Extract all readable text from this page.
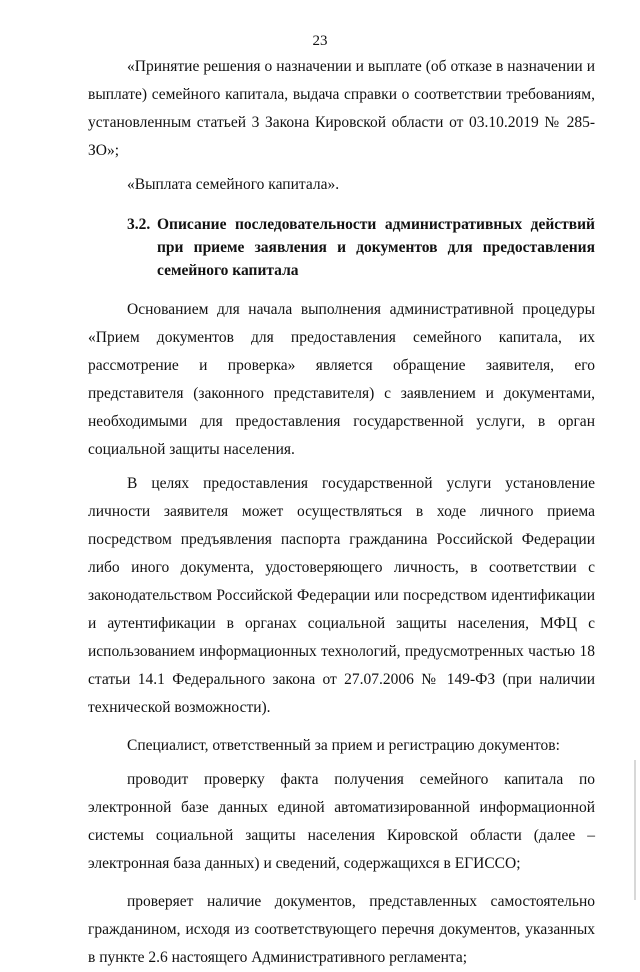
23

«Принятие решения о назначении и выплате (об отказе в назначении и выплате) семейного капитала, выдача справки о соответствии требованиям, установленным статьей 3 Закона Кировской области от 03.10.2019 № 285-ЗО»;

«Выплата семейного капитала».

3.2. Описание последовательности административных действий при приеме заявления и документов для предоставления семейного капитала

Основанием для начала выполнения административной процедуры «Прием документов для предоставления семейного капитала, их рассмотрение и проверка» является обращение заявителя, его представителя (законного представителя) с заявлением и документами, необходимыми для предоставления государственной услуги, в орган социальной защиты населения.

В целях предоставления государственной услуги установление личности заявителя может осуществляться в ходе личного приема посредством предъявления паспорта гражданина Российской Федерации либо иного документа, удостоверяющего личность, в соответствии с законодательством Российской Федерации или посредством идентификации и аутентификации в органах социальной защиты населения, МФЦ с использованием информационных технологий, предусмотренных частью 18 статьи 14.1 Федерального закона от 27.07.2006 № 149-ФЗ (при наличии технической возможности).

Специалист, ответственный за прием и регистрацию документов:

проводит проверку факта получения семейного капитала по электронной базе данных единой автоматизированной информационной системы социальной защиты населения Кировской области (далее – электронная база данных) и сведений, содержащихся в ЕГИССО;

проверяет наличие документов, представленных самостоятельно гражданином, исходя из соответствующего перечня документов, указанных в пункте 2.6 настоящего Административного регламента;
